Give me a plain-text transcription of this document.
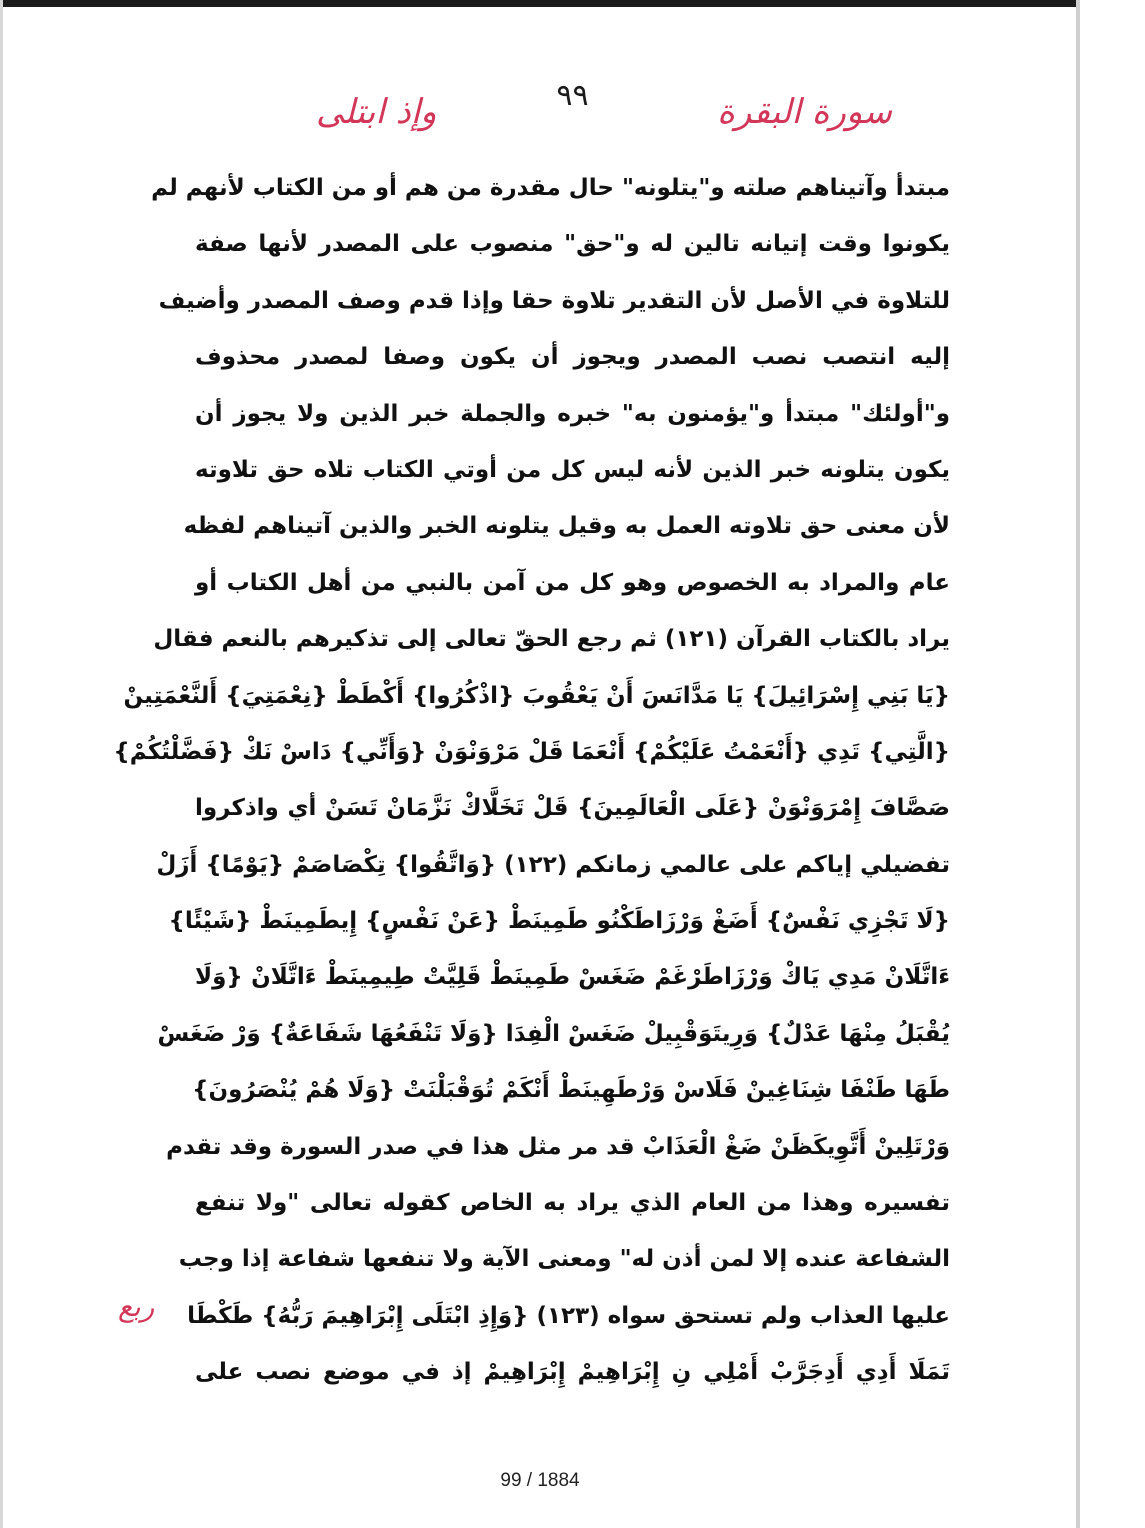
سورة البقرة
٩٩
وإذ ابتلى
مبتدأ وآتيناهم صلته و"يتلونه" حال مقدرة من هم أو من الكتاب لأنهم لم
يكونوا وقت إتيانه تالين له و"حق" منصوب على المصدر لأنها صفة
للتلاوة في الأصل لأن التقدير تلاوة حقا وإذا قدم وصف المصدر وأضيف
إليه انتصب نصب المصدر ويجوز أن يكون وصفا لمصدر محذوف
و"أولئك" مبتدأ و"يؤمنون به" خبره والجملة خبر الذين ولا يجوز أن
يكون يتلونه خبر الذين لأنه ليس كل من أوتي الكتاب تلاه حق تلاوته
لأن معنى حق تلاوته العمل به وقيل يتلونه الخبر والذين آتيناهم لفظه
عام والمراد به الخصوص وهو كل من آمن بالنبي من أهل الكتاب أو
يراد بالكتاب القرآن (١٢١) ثم رجع الحقّ تعالى إلى تذكيرهم بالنعم فقال
{يَا بَنِي إِسْرَائِيلَ} يَا مَدَّانَسَ أَنْ يَعْقُوبَ {اذْكُرُوا} أَكْطَطْ {نِعْمَتِيَ} أَلنَّعْمَتِينْ
{الَّتِي} تَدِي {أَنْعَمْتُ عَلَيْكُمْ} أَنْعَمَا قَلْ مَرْوَنْوَنْ {وَأَنِّي} دَاسْ نَكْ {فَضَّلْتُكُمْ}
صَصَّافَ إِمْرَوَنْوَنْ {عَلَى الْعَالَمِينَ} قَلْ تَخَلَّاكْ نَزَّمَانْ تَسَنْ أي واذكروا
تفضيلي إياكم على عالمي زمانكم (١٢٢) {وَاتَّقُوا} تِكْصَاصَمْ {يَوْمًا} أَزَلْ
{لَا تَجْزِي نَفْسٌ} أَضَغْ وَرْزَاطَكْنُو طَمِينَطْ {عَنْ نَفْسٍ} إِيطَمِينَطْ {شَيْئًا}
ءَاتَّلَانْ مَدِي يَاكْ وَرْزَاطَرْغَمْ ضَغَسْ طَمِينَطْ قَلِيَّتْ طِيمِينَطْ ءَاتَّلَانْ {وَلَا
يُقْبَلُ مِنْهَا عَدْلٌ} وَرِيتَوَقْبِيلْ ضَغَسْ الْفِدَا {وَلَا تَنْفَعُهَا شَفَاعَةٌ} وَرْ ضَغَسْ
طَهَا طَنْفَا شِنَاغِينْ فَلَاسْ وَرْطَهِينَطْ أَنْكَمْ تُوَقْبَلْنَتْ {وَلَا هُمْ يُنْصَرُونَ}
وَرْتَلِينْ أَتَّوِيكَظَنْ ضَغْ الْعَذَابْ قد مر مثل هذا في صدر السورة وقد تقدم
تفسيره وهذا من العام الذي يراد به الخاص كقوله تعالى "ولا تنفع
الشفاعة عنده إلا لمن أذن له" ومعنى الآية ولا تنفعها شفاعة إذا وجب
عليها العذاب ولم تستحق سواه (١٢٣) {وَإِذِ ابْتَلَى إِبْرَاهِيمَ رَبُّهُ} طَكْطَا
تَمَلَا أَدِي أَدِجَرَّبْ أَمْلِي نِ إِبْرَاهِيمْ إِبْرَاهِيمْ إذ في موضع نصب على
ربع
99 / 1884
